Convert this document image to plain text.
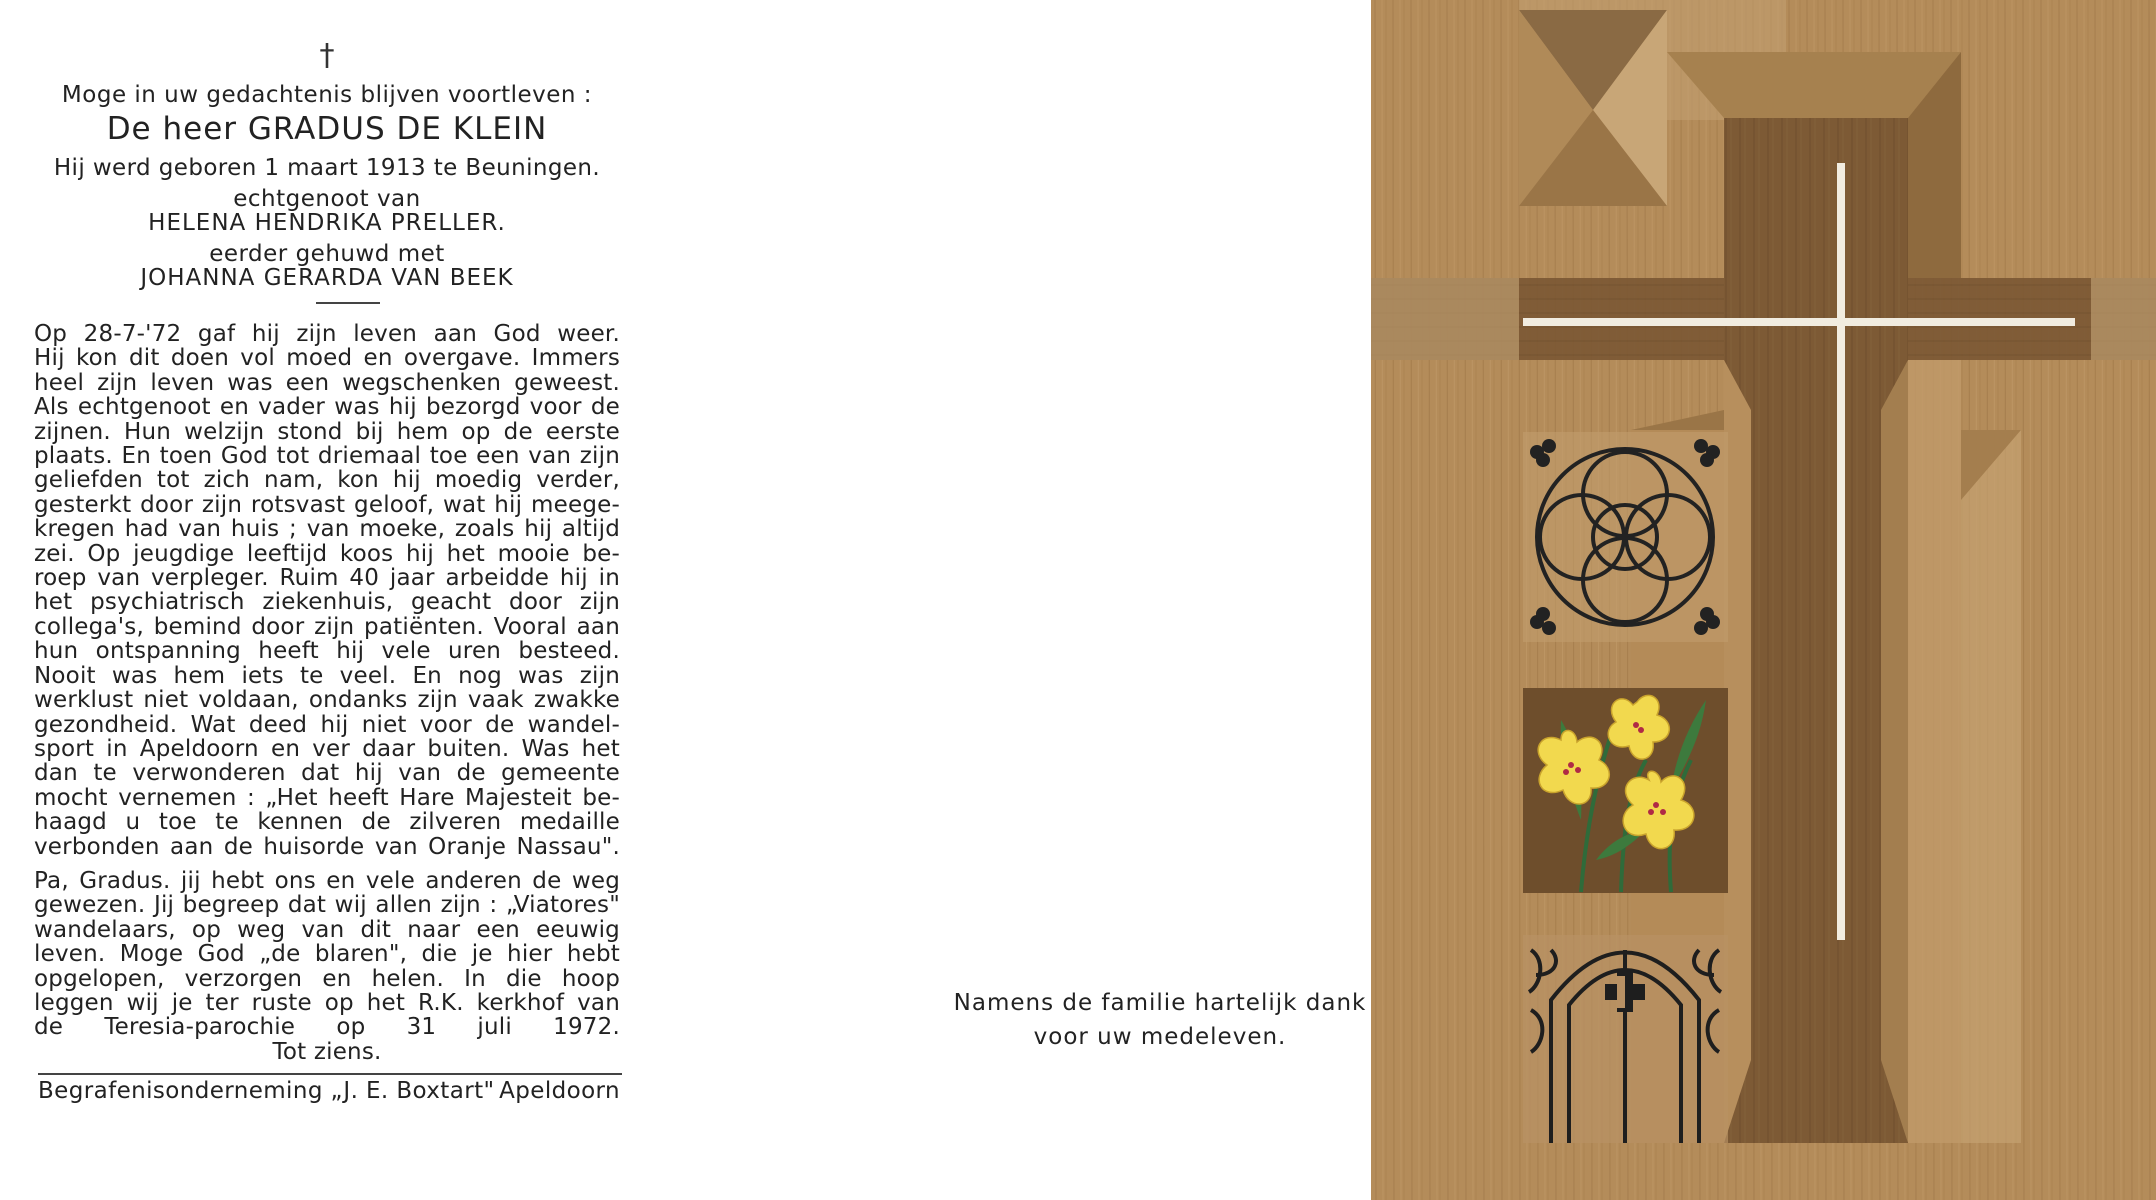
†
Moge in uw gedachtenis blijven voortleven :
De heer GRADUS DE KLEIN
Hij werd geboren 1 maart 1913 te Beuningen.
echtgenoot van
HELENA HENDRIKA PRELLER.
eerder gehuwd met
JOHANNA GERARDA VAN BEEK
Op 28-7-'72 gaf hij zijn leven aan God weer.
Hij kon dit doen vol moed en overgave. Immers
heel zijn leven was een wegschenken geweest.
Als echtgenoot en vader was hij bezorgd voor de
zijnen. Hun welzijn stond bij hem op de eerste
plaats. En toen God tot driemaal toe een van zijn
geliefden tot zich nam, kon hij moedig verder,
gesterkt door zijn rotsvast geloof, wat hij meege-
kregen had van huis ; van moeke, zoals hij altijd
zei. Op jeugdige leeftijd koos hij het mooie be-
roep van verpleger. Ruim 40 jaar arbeidde hij in
het psychiatrisch ziekenhuis, geacht door zijn
collega's, bemind door zijn patiënten. Vooral aan
hun ontspanning heeft hij vele uren besteed.
Nooit was hem iets te veel. En nog was zijn
werklust niet voldaan, ondanks zijn vaak zwakke
gezondheid. Wat deed hij niet voor de wandel-
sport in Apeldoorn en ver daar buiten. Was het
dan te verwonderen dat hij van de gemeente
mocht vernemen : „Het heeft Hare Majesteit be-
haagd u toe te kennen de zilveren medaille
verbonden aan de huisorde van Oranje Nassau".
Pa, Gradus. jij hebt ons en vele anderen de weg
gewezen. Jij begreep dat wij allen zijn : „Viatores"
wandelaars, op weg van dit naar een eeuwig
leven. Moge God „de blaren", die je hier hebt
opgelopen, verzorgen en helen. In die hoop
leggen wij je ter ruste op het R.K. kerkhof van
de Teresia-parochie op 31 juli 1972.
Tot ziens.
Begrafenisonderneming „J. E. Boxtart" Apeldoorn
Namens de familie hartelijk dank
voor uw medeleven.
